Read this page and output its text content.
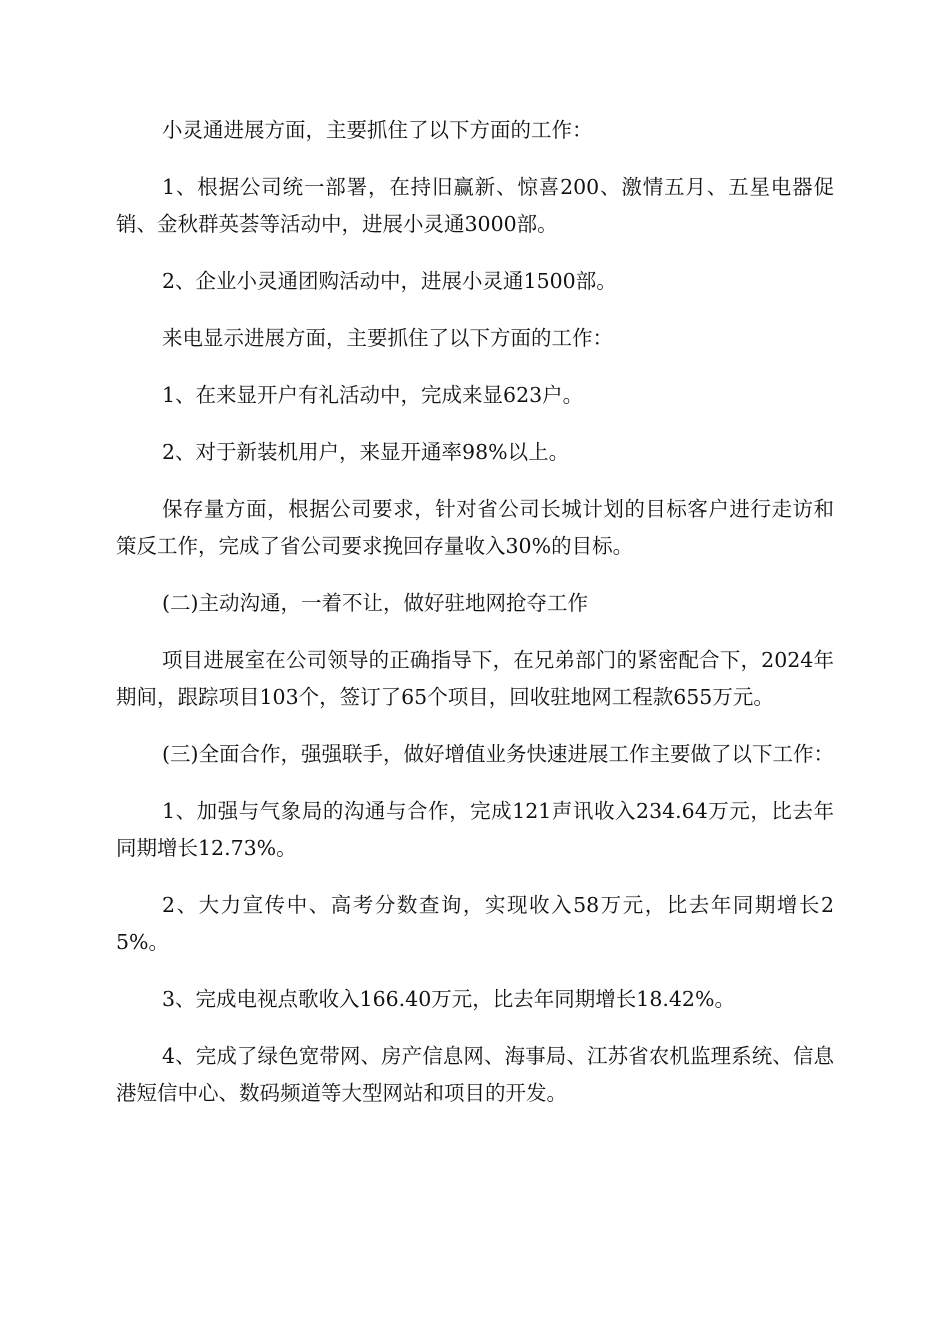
小灵通进展方面，主要抓住了以下方面的工作：

1、根据公司统一部署，在持旧赢新、惊喜200、激情五月、五星电器促销、金秋群英荟等活动中，进展小灵通3000部。

2、企业小灵通团购活动中，进展小灵通1500部。

来电显示进展方面，主要抓住了以下方面的工作：

1、在来显开户有礼活动中，完成来显623户。

2、对于新装机用户，来显开通率98%以上。

保存量方面，根据公司要求，针对省公司长城计划的目标客户进行走访和策反工作，完成了省公司要求挽回存量收入30%的目标。

(二)主动沟通，一着不让，做好驻地网抢夺工作

项目进展室在公司领导的正确指导下，在兄弟部门的紧密配合下，2024年期间，跟踪项目103个，签订了65个项目，回收驻地网工程款655万元。

(三)全面合作，强强联手，做好增值业务快速进展工作主要做了以下工作：

1、加强与气象局的沟通与合作，完成121声讯收入234.64万元，比去年同期增长12.73%。

2、大力宣传中、高考分数查询，实现收入58万元，比去年同期增长25%。

3、完成电视点歌收入166.40万元，比去年同期增长18.42%。

4、完成了绿色宽带网、房产信息网、海事局、江苏省农机监理系统、信息港短信中心、数码频道等大型网站和项目的开发。
